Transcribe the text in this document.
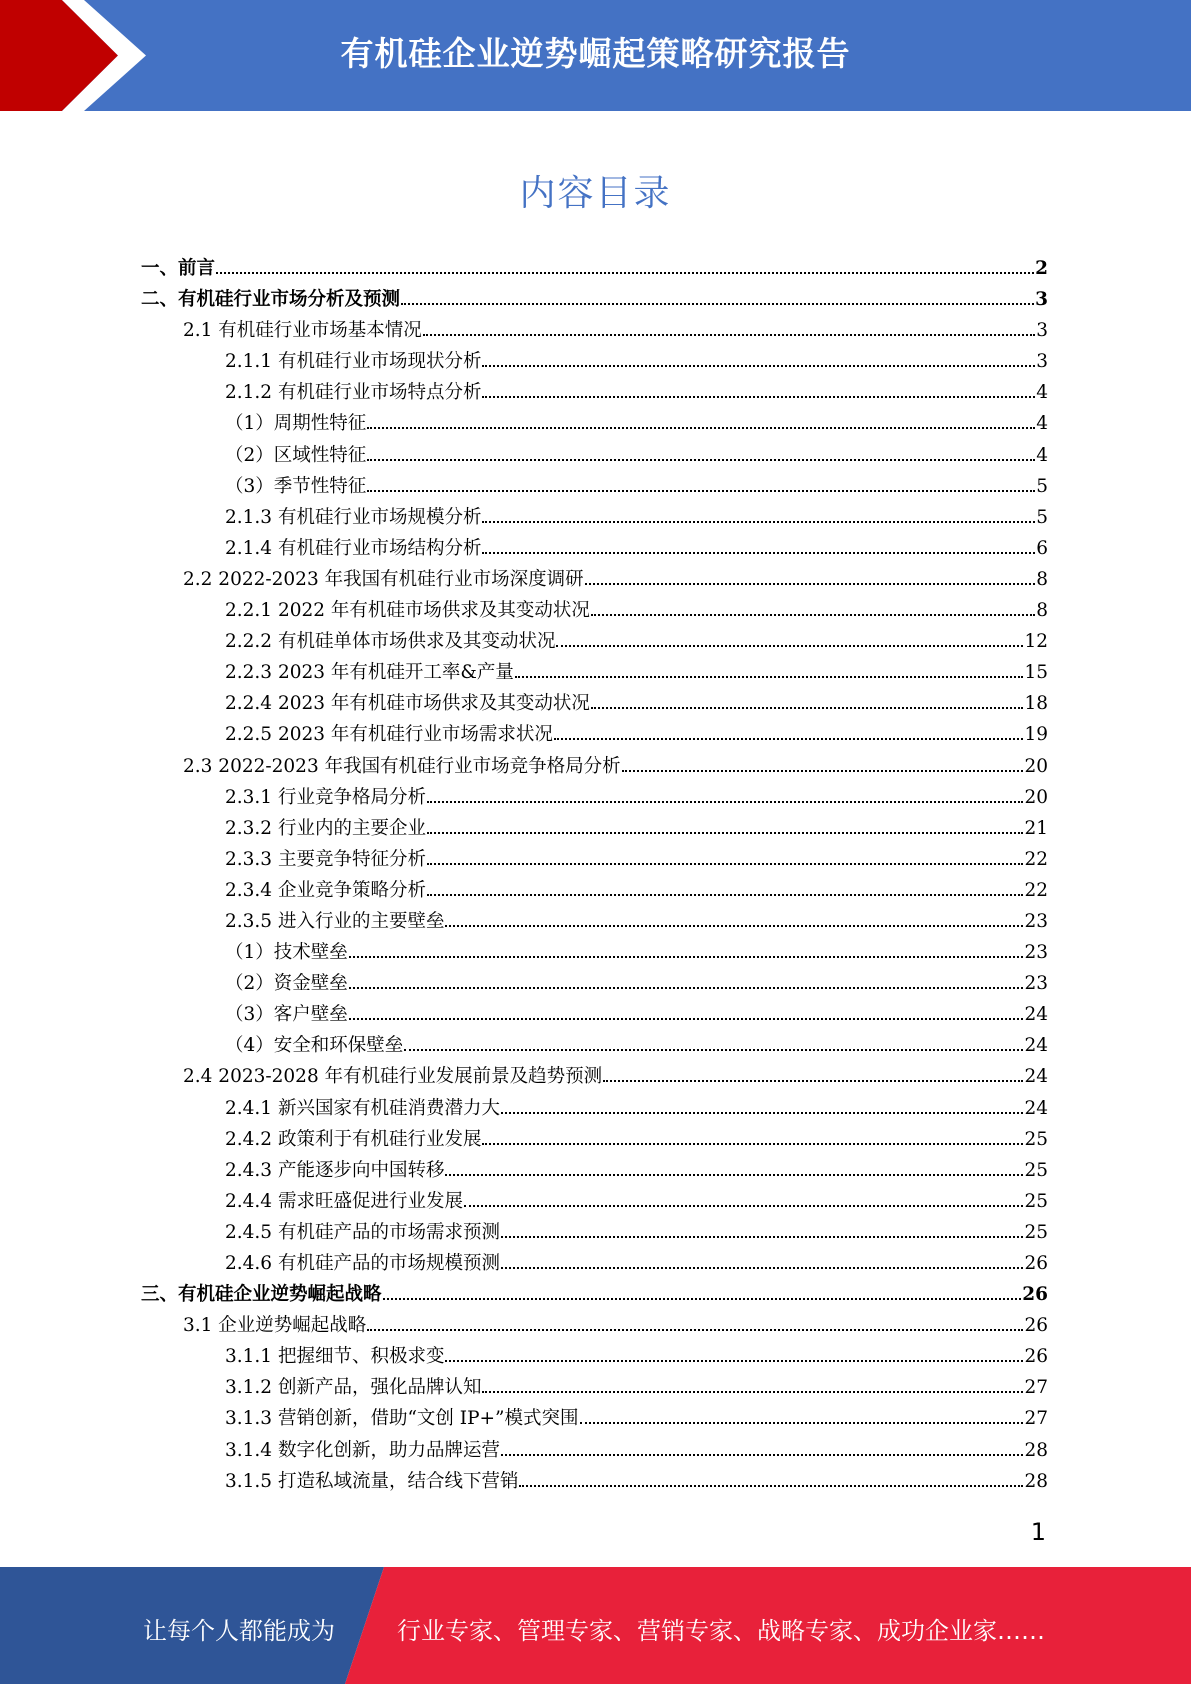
有机硅企业逆势崛起策略研究报告
内容目录
一、前言	2
二、有机硅行业市场分析及预测	3
2.1 有机硅行业市场基本情况	3
2.1.1 有机硅行业市场现状分析	3
2.1.2 有机硅行业市场特点分析	4
（1）周期性特征	4
（2）区域性特征	4
（3）季节性特征	5
2.1.3 有机硅行业市场规模分析	5
2.1.4 有机硅行业市场结构分析	6
2.2 2022-2023 年我国有机硅行业市场深度调研	8
2.2.1 2022 年有机硅市场供求及其变动状况	8
2.2.2 有机硅单体市场供求及其变动状况	12
2.2.3 2023 年有机硅开工率&产量	15
2.2.4 2023 年有机硅市场供求及其变动状况	18
2.2.5 2023 年有机硅行业市场需求状况	19
2.3 2022-2023 年我国有机硅行业市场竞争格局分析	20
2.3.1 行业竞争格局分析	20
2.3.2 行业内的主要企业	21
2.3.3 主要竞争特征分析	22
2.3.4 企业竞争策略分析	22
2.3.5 进入行业的主要壁垒	23
（1）技术壁垒	23
（2）资金壁垒	23
（3）客户壁垒	24
（4）安全和环保壁垒	24
2.4 2023-2028 年有机硅行业发展前景及趋势预测	24
2.4.1 新兴国家有机硅消费潜力大	24
2.4.2 政策利于有机硅行业发展	25
2.4.3 产能逐步向中国转移	25
2.4.4 需求旺盛促进行业发展	25
2.4.5 有机硅产品的市场需求预测	25
2.4.6 有机硅产品的市场规模预测	26
三、有机硅企业逆势崛起战略	26
3.1 企业逆势崛起战略	26
3.1.1 把握细节、积极求变	26
3.1.2 创新产品，强化品牌认知	27
3.1.3 营销创新，借助“文创 IP+”模式突围	27
3.1.4 数字化创新，助力品牌运营	28
3.1.5 打造私域流量，结合线下营销	28
1
让每个人都能成为	行业专家、管理专家、营销专家、战略专家、成功企业家……
